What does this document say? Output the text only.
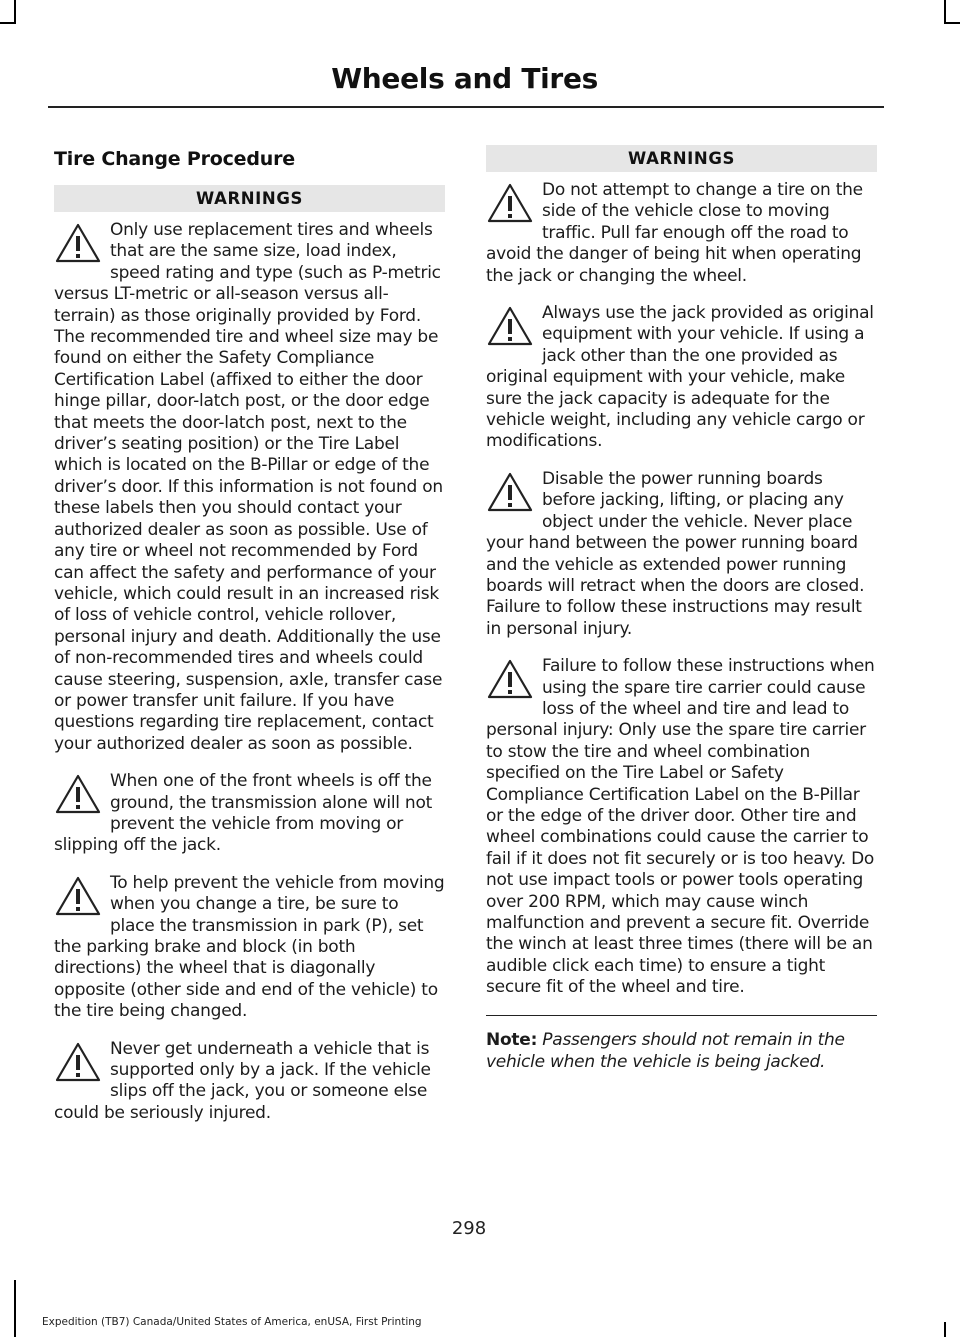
Wheels and Tires
Tire Change Procedure
WARNINGS

Only use replacement tires and wheels that are the same size, load index, speed rating and type (such as P-metric versus LT-metric or all-season versus all-terrain) as those originally provided by Ford. The recommended tire and wheel size may be found on either the Safety Compliance Certification Label (affixed to either the door hinge pillar, door-latch post, or the door edge that meets the door-latch post, next to the driver’s seating position) or the Tire Label which is located on the B-Pillar or edge of the driver’s door. If this information is not found on these labels then you should contact your authorized dealer as soon as possible. Use of any tire or wheel not recommended by Ford can affect the safety and performance of your vehicle, which could result in an increased risk of loss of vehicle control, vehicle rollover, personal injury and death. Additionally the use of non-recommended tires and wheels could cause steering, suspension, axle, transfer case or power transfer unit failure. If you have questions regarding tire replacement, contact your authorized dealer as soon as possible.

When one of the front wheels is off the ground, the transmission alone will not prevent the vehicle from moving or slipping off the jack.

To help prevent the vehicle from moving when you change a tire, be sure to place the transmission in park (P), set the parking brake and block (in both directions) the wheel that is diagonally opposite (other side and end of the vehicle) to the tire being changed.

Never get underneath a vehicle that is supported only by a jack. If the vehicle slips off the jack, you or someone else could be seriously injured.

WARNINGS

Do not attempt to change a tire on the side of the vehicle close to moving traffic. Pull far enough off the road to avoid the danger of being hit when operating the jack or changing the wheel.

Always use the jack provided as original equipment with your vehicle. If using a jack other than the one provided as original equipment with your vehicle, make sure the jack capacity is adequate for the vehicle weight, including any vehicle cargo or modifications.

Disable the power running boards before jacking, lifting, or placing any object under the vehicle. Never place your hand between the power running board and the vehicle as extended power running boards will retract when the doors are closed. Failure to follow these instructions may result in personal injury.

Failure to follow these instructions when using the spare tire carrier could cause loss of the wheel and tire and lead to personal injury: Only use the spare tire carrier to stow the tire and wheel combination specified on the Tire Label or Safety Compliance Certification Label on the B-Pillar or the edge of the driver door. Other tire and wheel combinations could cause the carrier to fail if it does not fit securely or is too heavy. Do not use impact tools or power tools operating over 200 RPM, which may cause winch malfunction and prevent a secure fit. Override the winch at least three times (there will be an audible click each time) to ensure a tight secure fit of the wheel and tire.

Note: Passengers should not remain in the vehicle when the vehicle is being jacked.

298
Expedition (TB7) Canada/United States of America, enUSA, First Printing
